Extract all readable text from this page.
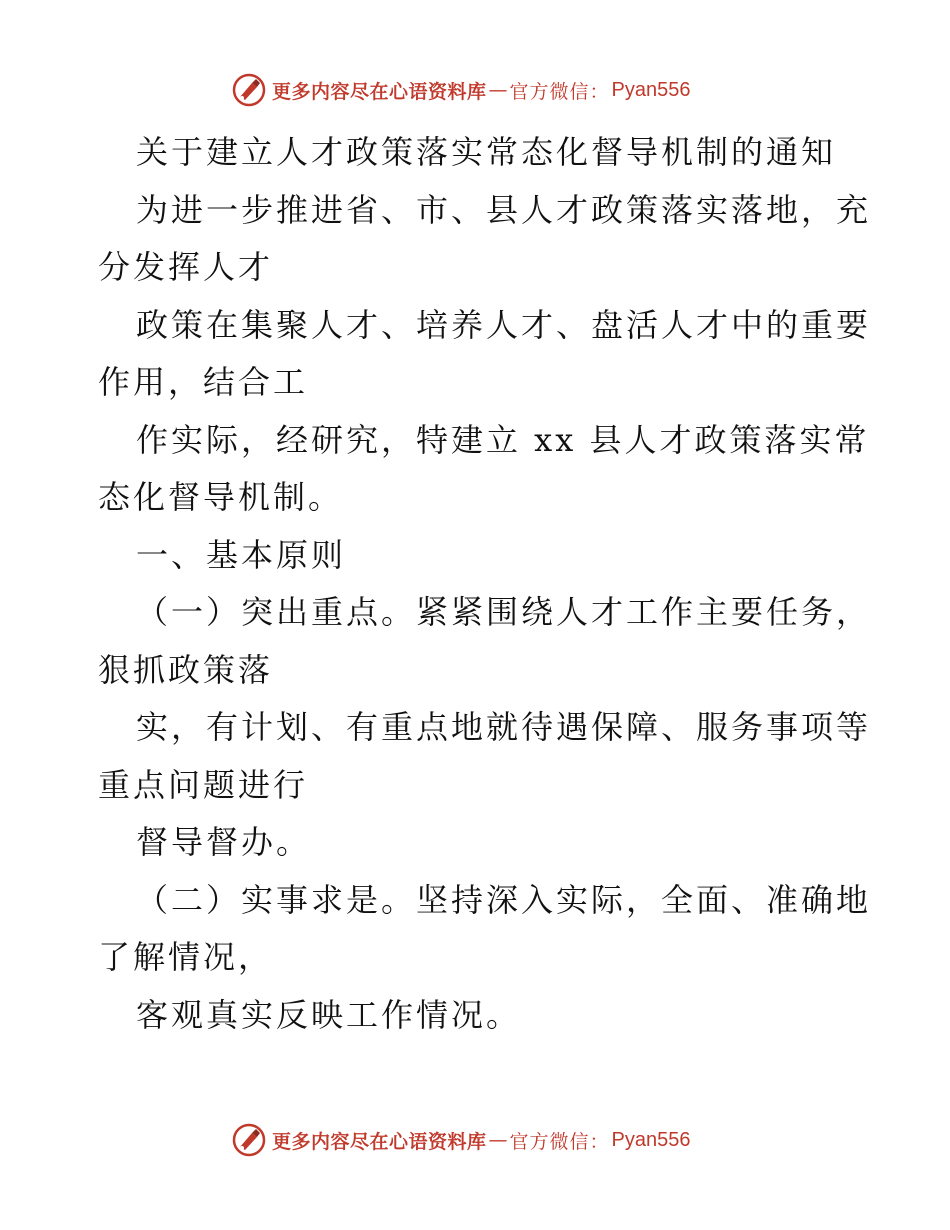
更多内容尽在心语资料库 — 官方微信： Pyan556
关于建立人才政策落实常态化督导机制的通知
为进一步推进省、市、县人才政策落实落地，充
分发挥人才
政策在集聚人才、培养人才、盘活人才中的重要
作用，结合工
作实际，经研究，特建立 xx 县人才政策落实常
态化督导机制。
一、基本原则
（一）突出重点。紧紧围绕人才工作主要任务，
狠抓政策落
实，有计划、有重点地就待遇保障、服务事项等
重点问题进行
督导督办。
（二）实事求是。坚持深入实际，全面、准确地
了解情况，
客观真实反映工作情况。
更多内容尽在心语资料库 — 官方微信： Pyan556
